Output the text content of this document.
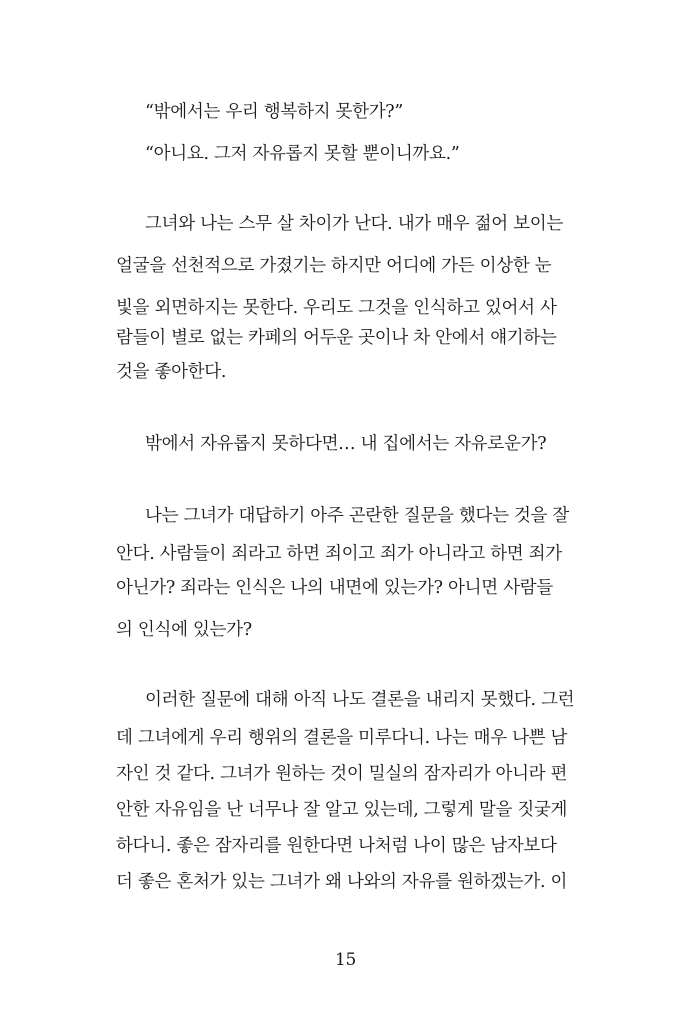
“밖에서는 우리 행복하지 못한가?”
“아니요. 그저 자유롭지 못할 뿐이니까요.”
그녀와 나는 스무 살 차이가 난다. 내가 매우 젊어 보이는
얼굴을 선천적으로 가졌기는 하지만 어디에 가든 이상한 눈
빛을 외면하지는 못한다. 우리도 그것을 인식하고 있어서 사
람들이 별로 없는 카페의 어두운 곳이나 차 안에서 얘기하는
것을 좋아한다.
밖에서 자유롭지 못하다면… 내 집에서는 자유로운가?
나는 그녀가 대답하기 아주 곤란한 질문을 했다는 것을 잘
안다. 사람들이 죄라고 하면 죄이고 죄가 아니라고 하면 죄가
아닌가? 죄라는 인식은 나의 내면에 있는가? 아니면 사람들
의 인식에 있는가?
이러한 질문에 대해 아직 나도 결론을 내리지 못했다. 그런
데 그녀에게 우리 행위의 결론을 미루다니. 나는 매우 나쁜 남
자인 것 같다. 그녀가 원하는 것이 밀실의 잠자리가 아니라 편
안한 자유임을 난 너무나 잘 알고 있는데, 그렇게 말을 짓궂게
하다니. 좋은 잠자리를 원한다면 나처럼 나이 많은 남자보다
더 좋은 혼처가 있는 그녀가 왜 나와의 자유를 원하겠는가. 이
15
